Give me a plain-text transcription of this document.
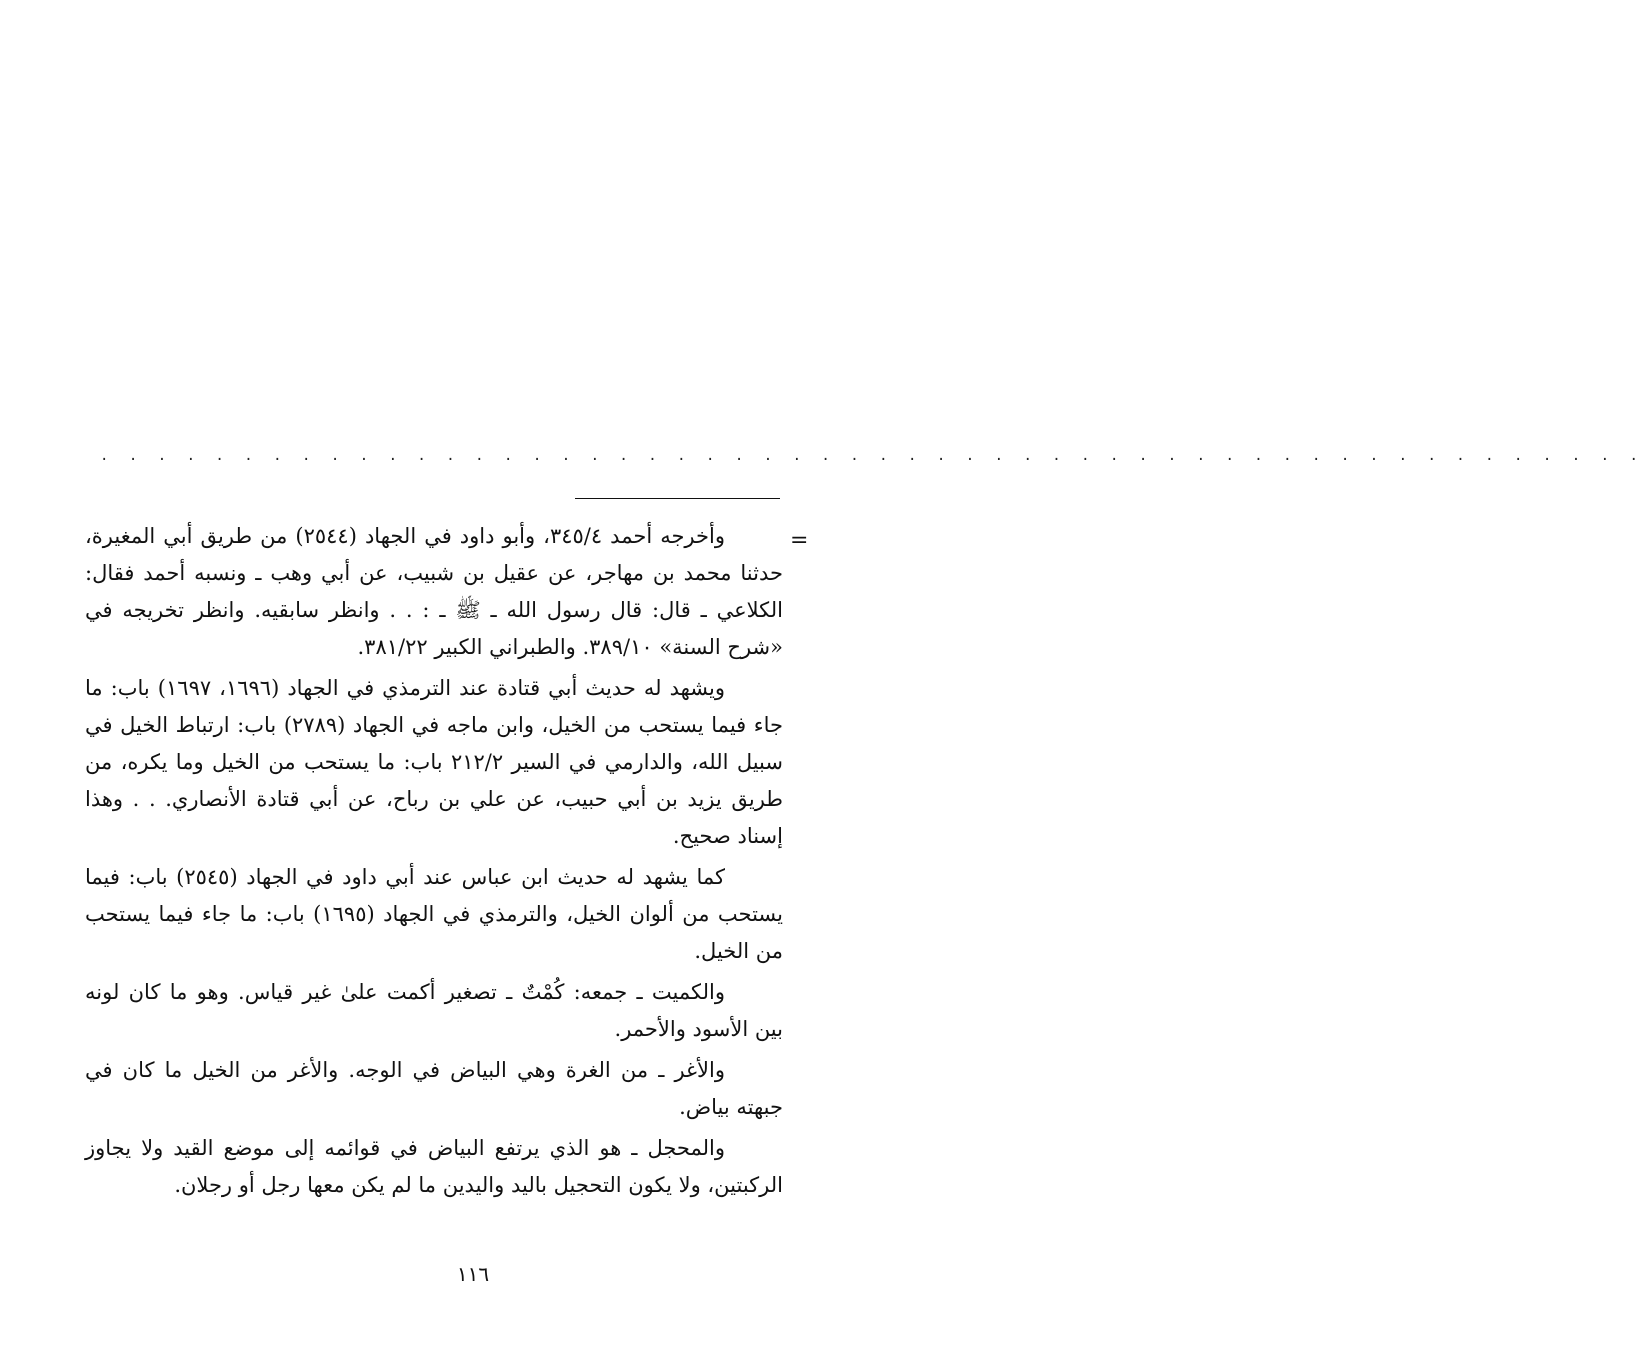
. . . . . . . . . . . . . . . . . . . . . . . . . . . . . . . . . . . . . . . . . . . . . . . . . . . . . .
=

وأخرجه أحمد ٣٤٥/٤، وأبو داود في الجهاد (٢٥٤٤) من طريق أبي المغيرة، حدثنا محمد بن مهاجر، عن عقيل بن شبيب، عن أبي وهب ـ ونسبه أحمد فقال: الكلاعي ـ قال: قال رسول الله ـ ﷺ ـ : . . وانظر سابقيه. وانظر تخريجه في «شرح السنة» ٣٨٩/١٠. والطبراني الكبير ٣٨١/٢٢.

ويشهد له حديث أبي قتادة عند الترمذي في الجهاد (١٦٩٦، ١٦٩٧) باب: ما جاء فيما يستحب من الخيل، وابن ماجه في الجهاد (٢٧٨٩) باب: ارتباط الخيل في سبيل الله، والدارمي في السير ٢١٢/٢ باب: ما يستحب من الخيل وما يكره، من طريق يزيد بن أبي حبيب، عن علي بن رباح، عن أبي قتادة الأنصاري. . . وهذا إسناد صحيح.

كما يشهد له حديث ابن عباس عند أبي داود في الجهاد (٢٥٤٥) باب: فيما يستحب من ألوان الخيل، والترمذي في الجهاد (١٦٩٥) باب: ما جاء فيما يستحب من الخيل.

والكميت ـ جمعه: كُمْتٌ ـ تصغير أكمت علىٰ غير قياس. وهو ما كان لونه بين الأسود والأحمر.

والأغر ـ من الغرة وهي البياض في الوجه. والأغر من الخيل ما كان في جبهته بياض.

والمحجل ـ هو الذي يرتفع البياض في قوائمه إلى موضع القيد ولا يجاوز الركبتين، ولا يكون التحجيل باليد واليدين ما لم يكن معها رجل أو رجلان.

١١٦
